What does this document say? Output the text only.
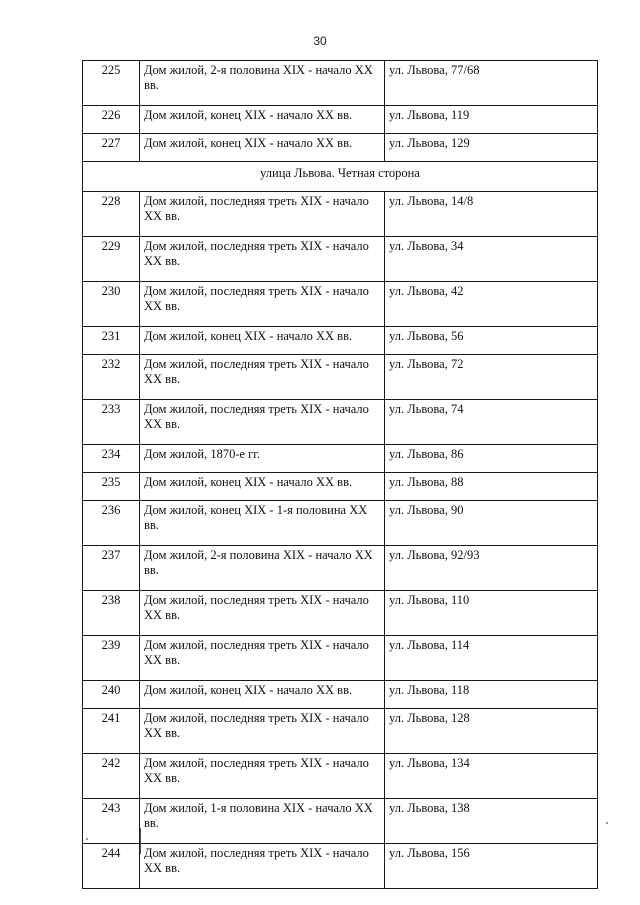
30
225	Дом жилой, 2-я половина XIX - начало XX вв.	ул. Львова, 77/68
226	Дом жилой, конец XIX - начало XX вв.	ул. Львова, 119
227	Дом жилой, конец XIX - начало XX вв.	ул. Львова, 129
улица Львова. Четная сторона		
228	Дом жилой, последняя треть XIX - начало XX вв.	ул. Львова, 14/8
229	Дом жилой, последняя треть XIX - начало XX вв.	ул. Львова, 34
230	Дом жилой, последняя треть XIX - начало XX вв.	ул. Львова, 42
231	Дом жилой, конец XIX - начало XX вв.	ул. Львова, 56
232	Дом жилой, последняя треть XIX - начало XX вв.	ул. Львова, 72
233	Дом жилой, последняя треть XIX - начало XX вв.	ул. Львова, 74
234	Дом жилой, 1870-е гг.	ул. Львова, 86
235	Дом жилой, конец XIX - начало XX вв.	ул. Львова, 88
236	Дом жилой, конец XIX - 1-я половина XX вв.	ул. Львова, 90
237	Дом жилой, 2-я половина XIX - начало XX вв.	ул. Львова, 92/93
238	Дом жилой, последняя треть XIX - начало XX вв.	ул. Львова, 110
239	Дом жилой, последняя треть XIX - начало XX вв.	ул. Львова, 114
240	Дом жилой, конец XIX - начало XX вв.	ул. Львова, 118
241	Дом жилой, последняя треть XIX - начало XX вв.	ул. Львова, 128
242	Дом жилой, последняя треть XIX - начало XX вв.	ул. Львова, 134
243	Дом жилой, 1-я половина XIX - начало XX вв.	ул. Львова, 138
244	Дом жилой, последняя треть XIX - начало XX вв.	ул. Львова, 156
